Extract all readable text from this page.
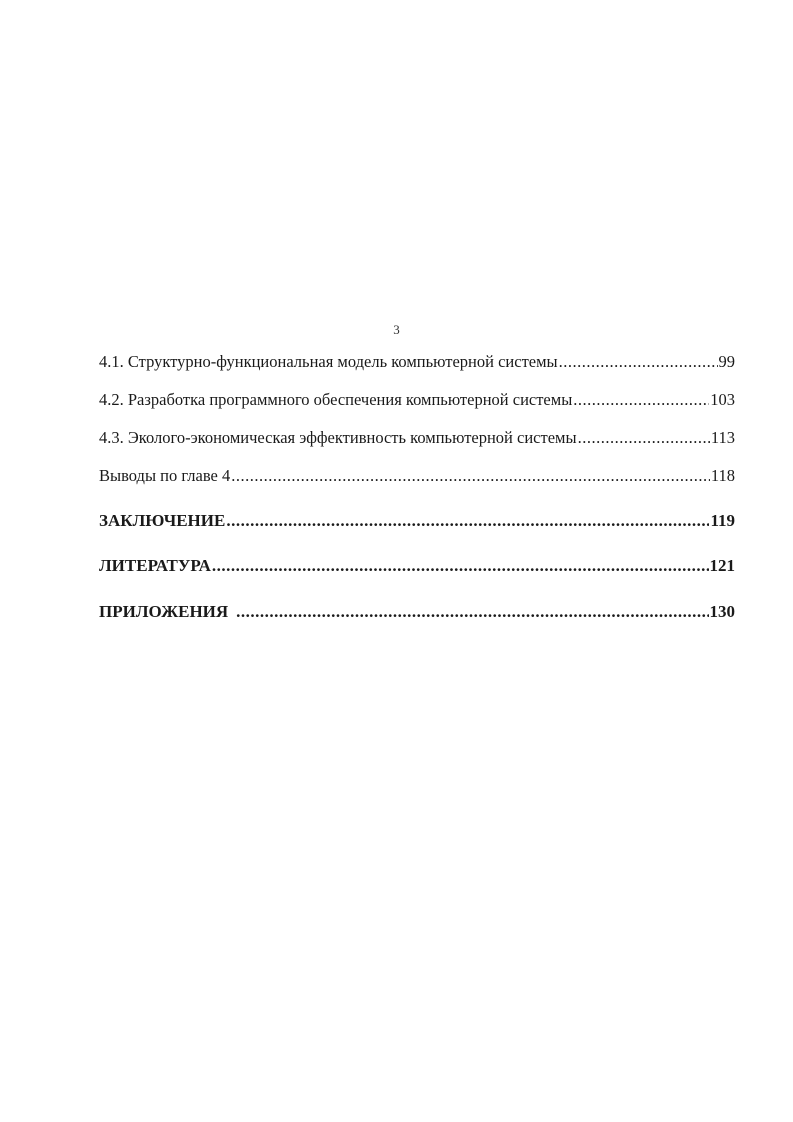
3
4.1. Структурно-функциональная модель компьютерной системы .....	99
4.2. Разработка программного обеспечения компьютерной системы .....	103
4.3. Эколого-экономическая эффективность компьютерной системы .....	113
Выводы по главе 4 .....	118
ЗАКЛЮЧЕНИЕ .....	119
ЛИТЕРАТУРА .....	121
ПРИЛОЖЕНИЯ .....	130
